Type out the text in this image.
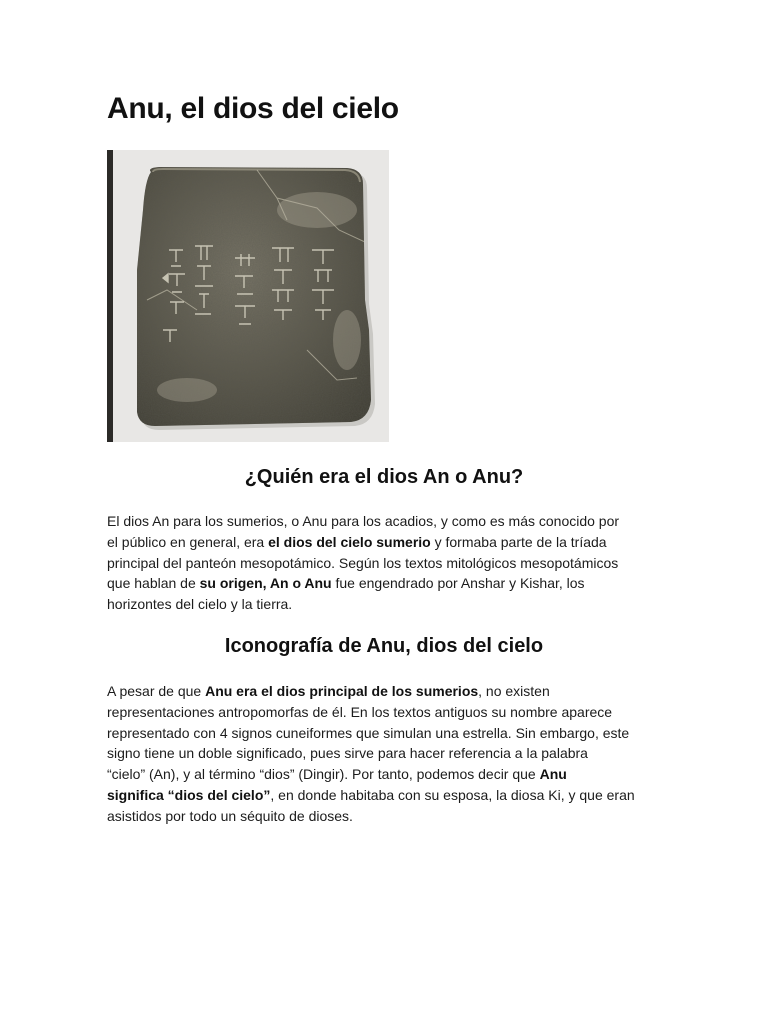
Anu, el dios del cielo
¿Quién era el dios An o Anu?

El dios An para los sumerios, o Anu para los acadios, y como es más conocido por
el público en general, era el dios del cielo sumerio y formaba parte de la tríada
principal del panteón mesopotámico. Según los textos mitológicos mesopotámicos
que hablan de su origen, An o Anu fue engendrado por Anshar y Kishar, los
horizontes del cielo y la tierra.

Iconografía de Anu, dios del cielo

A pesar de que Anu era el dios principal de los sumerios, no existen
representaciones antropomorfas de él. En los textos antiguos su nombre aparece
representado con 4 signos cuneiformes que simulan una estrella. Sin embargo, este
signo tiene un doble significado, pues sirve para hacer referencia a la palabra
“cielo” (An), y al término “dios” (Dingir). Por tanto, podemos decir que Anu
significa “dios del cielo”, en donde habitaba con su esposa, la diosa Ki, y que eran
asistidos por todo un séquito de dioses.
